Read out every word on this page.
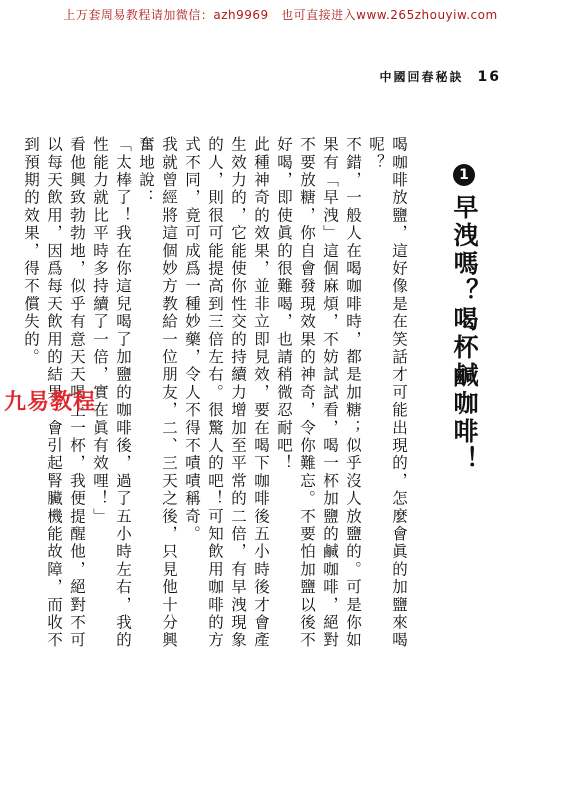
上万套周易教程请加微信：azh9969　也可直接进入www.265zhouyiw.com
中國回春秘訣 16
1
早洩嗎？喝杯鹹咖啡！

喝咖啡放鹽，這好像是在笑話才可能出現的，怎麼會眞的加鹽來喝呢？

不錯，一般人在喝咖啡時，都是加糖；似乎沒人放鹽的。可是你如果有「早洩」這個麻煩，不妨試試看，喝一杯加鹽的鹹咖啡，絕對不要放糖，你自會發現效果的神奇，令你難忘。不要怕加鹽以後不好喝，即使眞的很難喝，也請稍微忍耐吧！

此種神奇的效果，並非立即見效，要在喝下咖啡後五小時後才會產生效力的，它能使你性交的持續力增加至平常的二倍，有早洩現象的人，則很可能提高到三倍左右。很驚人的吧！可知飲用咖啡的方式不同，竟可成爲一種妙藥，令人不得不嘖嘖稱奇。

我就曾經將這個妙方教給一位朋友，二、三天之後，只見他十分興奮地說：

「太棒了！我在你這兒喝了加鹽的咖啡後，過了五小時左右，我的性能力就比平時多持續了一倍，實在眞有效哩！」

看他興致勃勃地，似乎有意天天喝上一杯，我便提醒他，絕對不可以每天飲用，因爲每天飲用的結果，會引起腎臟機能故障，而收不到預期的效果，得不償失的。

九易教程
